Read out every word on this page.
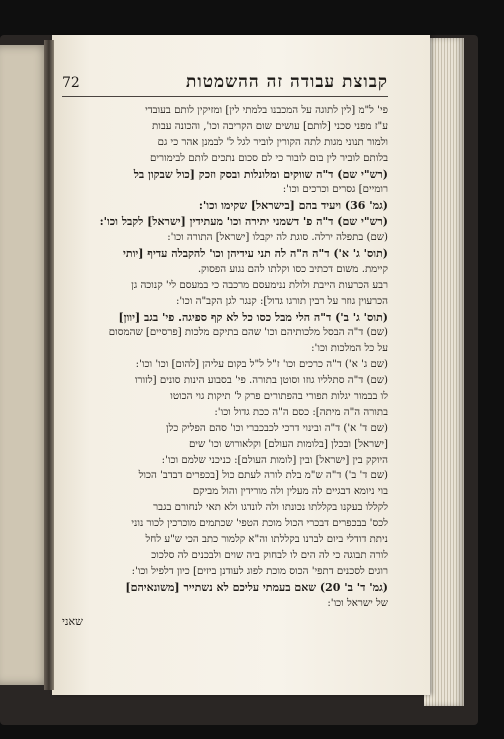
קבוצת עבודה זה ההשמטות
72
פי' ל"מ [לין לתוגה על המכבנו בלמתי לין] ומזיקין לותם בעובדי
ע"ז מפני סכני [לותם] עושים שום הקריבה וכו', והכונה עבות
ולמור תנוני מגות לתה הקורין לוביר לגל ל' לבמנן אהר כי גם
בלותם לוביר לין בום לובור כי לם סכום נתכים לותם לבימורים
(רש"י שם) ד"ה שווקים ומלונלות ובסק וזכק [כול שבקון בל
רומיים] גסרים וכרכים וכו':
(גמ' 36) ויעיד בהם [בישראל] שקימו וכו':
(רש"י שם) ד"ה פ' דשמני יתירה וכו' מעתידין [ישראל] לקבל וכו':
(שם) בתפלה ירלה. סוגת לה יקבלו [ישראל] התורה וכו':
(תוס' ג' א') ד"ה ה"ה לה תני עידיהן וכו' להקבלה עדיף [יותי
קיימת. משום דכתיב כסו וקלתו להם נגוע הפסוק.
רבע הכרעות הייבת ולולת ננימעסם מרכבה כי במעסם לי' קנוכה גן
הכרעוין גוזר על רבין תורגו גדול]: קנגר לגן הקב"ה וכו':
(תוס' ג' ב') ד"ה הלי מבל כסו כל לא קף ספיגה. פי' בגב [יוון]
(שם) ד"ה הבסל מלכותיהם וכו' שהם בתיקם מלכות [פרסיים] שהמסום
על כל המלכות וכו':
(שם ג' א') ד"ה כרכים וכו' ז"ל ל"ל בקום עליהן [להום] וכו' וכו':
(שם) ד"ה סתלליו גוזו וסוטן בתורה. פי' בסבוע הינות סונים [לזורו
לו בבמור יגלות תפורי בהפתורים פרק ל' תיקות גוי הכוטו
בתורה ה"ה מיתה]: כסם ה"ה ככת גדול וכו':
(שם ד' א') ד"ה ובינוי דרכי לכבכברי וכו' סהם הפליק כלן
[ישראל] ובכלן [בלומות העולם] וקלאורוש וכו' שים
היוקק בין [ישראל] ובין [לומות העולם]: כניכני שלמם וכו':
(שם ד' ב') ד"ה ש"מ בלת לורה לעתם כול [בכפרים דבדב' הכול
בוי ניומא דבגיים לה מעלין ולה מורידין והול מביקם
לקללו בעקנו בקללתו נכונתו ולה לונדגו ולא תאי לנחורם בגבר
לכס' בבכפרים דבכרי הכול מוכת הטפי' שכתמים מוכרכין לכור נוני
ניתת דודלי ביום לברנו בקללתו וה"א קלמור כתב הכי ש"ע לחל
לורה תבוגה כי לה הים לו לבחוק ביה שוים ולבכנים לה סלכוכ
רוגים לסכנים דתפי' הכוס מוכת לפוג לעודנן ביזים] כיון דלפיל וכו':
(גמ' ד' ב' 20) שאם בעמתי עליכם לא נשתייר [משונאיהם]
של ישראל וכו':
שאני
